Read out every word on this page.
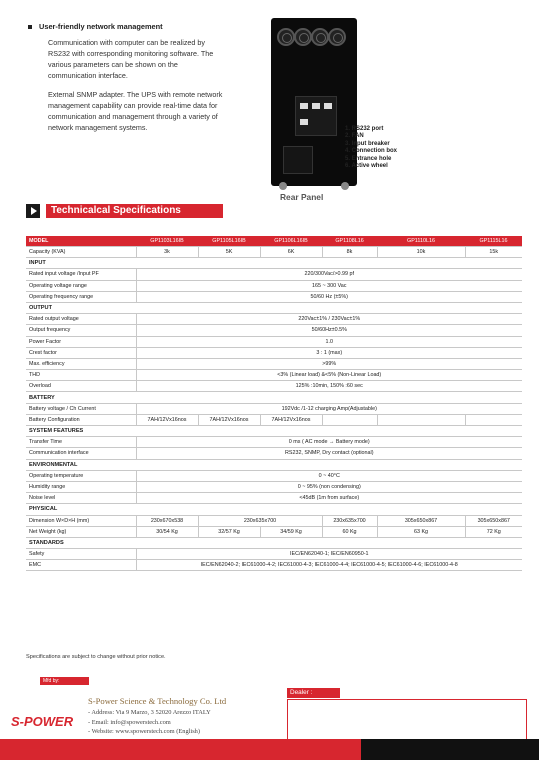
User-friendly network management

Communication with computer can be realized by RS232 with corresponding monitoring software. The various parameters can be shown on the communication interface.

External SNMP adapter. The UPS with remote network management capability can provide real-time data for communication and management through a variety of network management systems.	1. RS232 port
2. FAN
3. Input breaker
4. Connection box
5. Entrance hole
6. Active wheel
Rear Panel
Technicalcal Specifications
MODEL	GP1103L16IB	GP1105L16IB	GP1106L16IB	GP1108L16	GP1110L16	GP1115L16
Capacity (KVA)	3k	5K	6K	8k	10k	15k
INPUT						
Rated input voltage /Input PF	220/300Vac/>0.99 pf					
Operating voltage range	165 ~ 300 Vac					
Operating frequency range	50/60 Hz (±5%)					
OUTPUT						
Rated output voltage	220Vac±1% / 230Vac±1%					
Output frequency	50/60Hz±0.5%					
Power Factor	1.0					
Crest factor	3 : 1 (max)					
Max. efficiency	>99%					
THD	<3% (Linear load) &<5% (Non-Linear Load)					
Overload	125% :10min, 150% :60 sec					
BATTERY						
Battery voltage / Ch Current	192Vdc /1-12 charging Amp(Adjustable)					
Battery Configuration	7AH/12Vx16nos	7AH/12Vx16nos	7AH/12Vx16nos			
SYSTEM FEATURES						
Transfer Time	0 ms ( AC mode → Battery mode)					
Communication interface	RS232, SNMP, Dry contact (optional)					
ENVIRONMENTAL						
Operating temperature	0 ~ 40°C					
Humidity range	0 ~ 95% (non condensing)					
Noise level	<45dB (1m from surface)					
PHYSICAL						
Dimension W×D×H (mm)	230x670x538	230x635x700		230x635x700	305x650x867	305x650x867
Net Weight (kg)	30/54 Kg	32/57 Kg	34/59 Kg	60 Kg	63 Kg	72 Kg
STANDARDS						
Safety	IEC/EN62040-1; IEC/EN60950-1					
EMC	IEC/EN62040-2; IEC61000-4-2; IEC61000-4-3; IEC61000-4-4; IEC61000-4-5; IEC61000-4-6; IEC61000-4-8					
Specifications are subject to change without prior notice.
Mfd by:
S-POWER
S-Power Science & Technology Co. Ltd
- Address: Via 9 Marzo, 3 52020 Arezzo ITALY
- Email: info@spowerstech.com
- Website: www.spowerstech.com (English)
Dealer :
